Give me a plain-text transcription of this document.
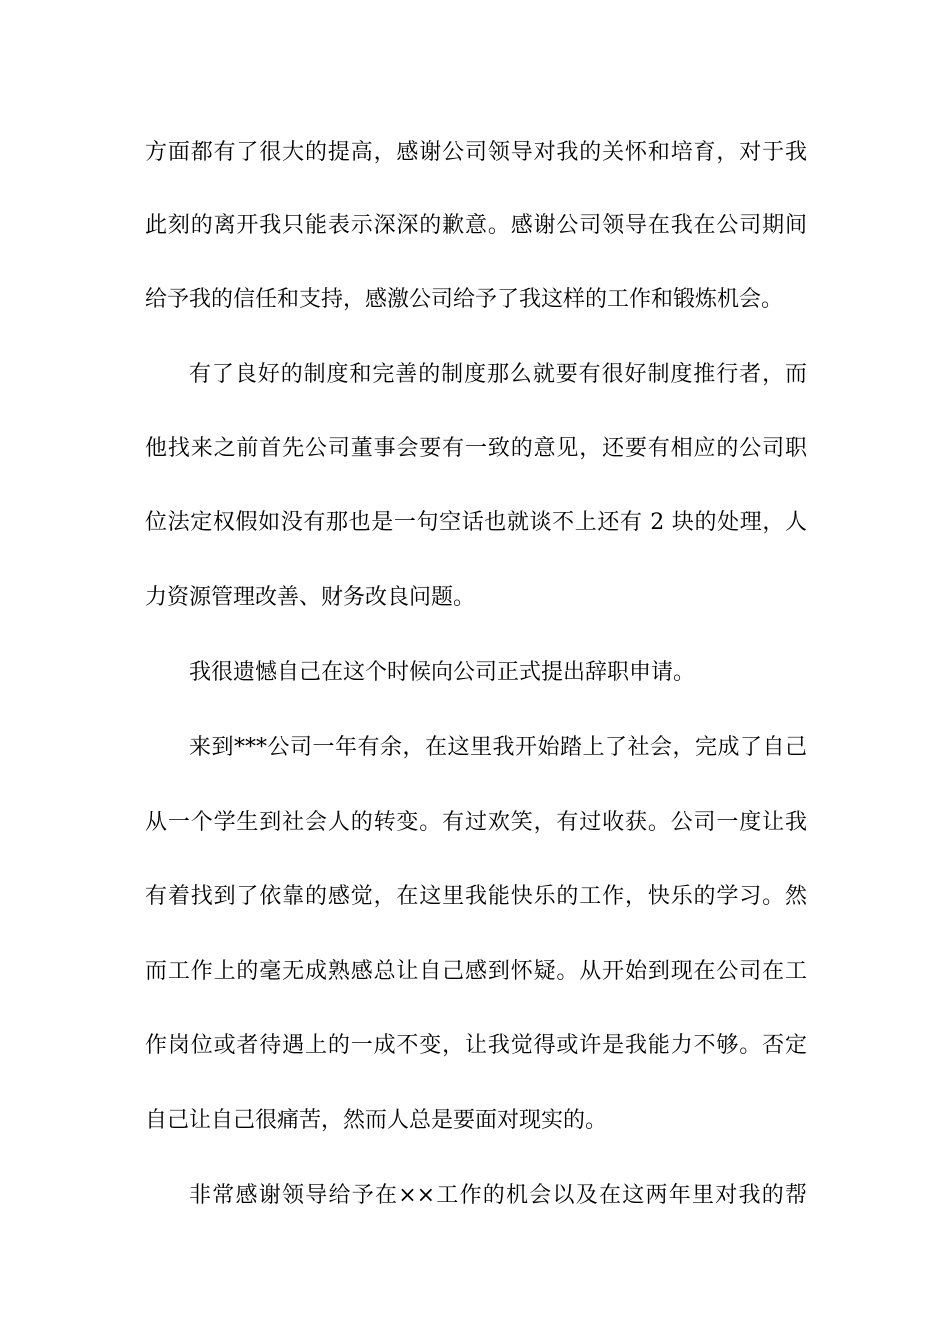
方面都有了很大的提高，感谢公司领导对我的关怀和培育，对于我
此刻的离开我只能表示深深的歉意。感谢公司领导在我在公司期间
给予我的信任和支持，感激公司给予了我这样的工作和锻炼机会。
有了良好的制度和完善的制度那么就要有很好制度推行者，而
他找来之前首先公司董事会要有一致的意见，还要有相应的公司职
位法定权假如没有那也是一句空话也就谈不上还有 2 块的处理，人
力资源管理改善、财务改良问题。
我很遗憾自己在这个时候向公司正式提出辞职申请。
来到***公司一年有余，在这里我开始踏上了社会，完成了自己
从一个学生到社会人的转变。有过欢笑，有过收获。公司一度让我
有着找到了依靠的感觉，在这里我能快乐的工作，快乐的学习。然
而工作上的毫无成熟感总让自己感到怀疑。从开始到现在公司在工
作岗位或者待遇上的一成不变，让我觉得或许是我能力不够。否定
自己让自己很痛苦，然而人总是要面对现实的。
非常感谢领导给予在××工作的机会以及在这两年里对我的帮
